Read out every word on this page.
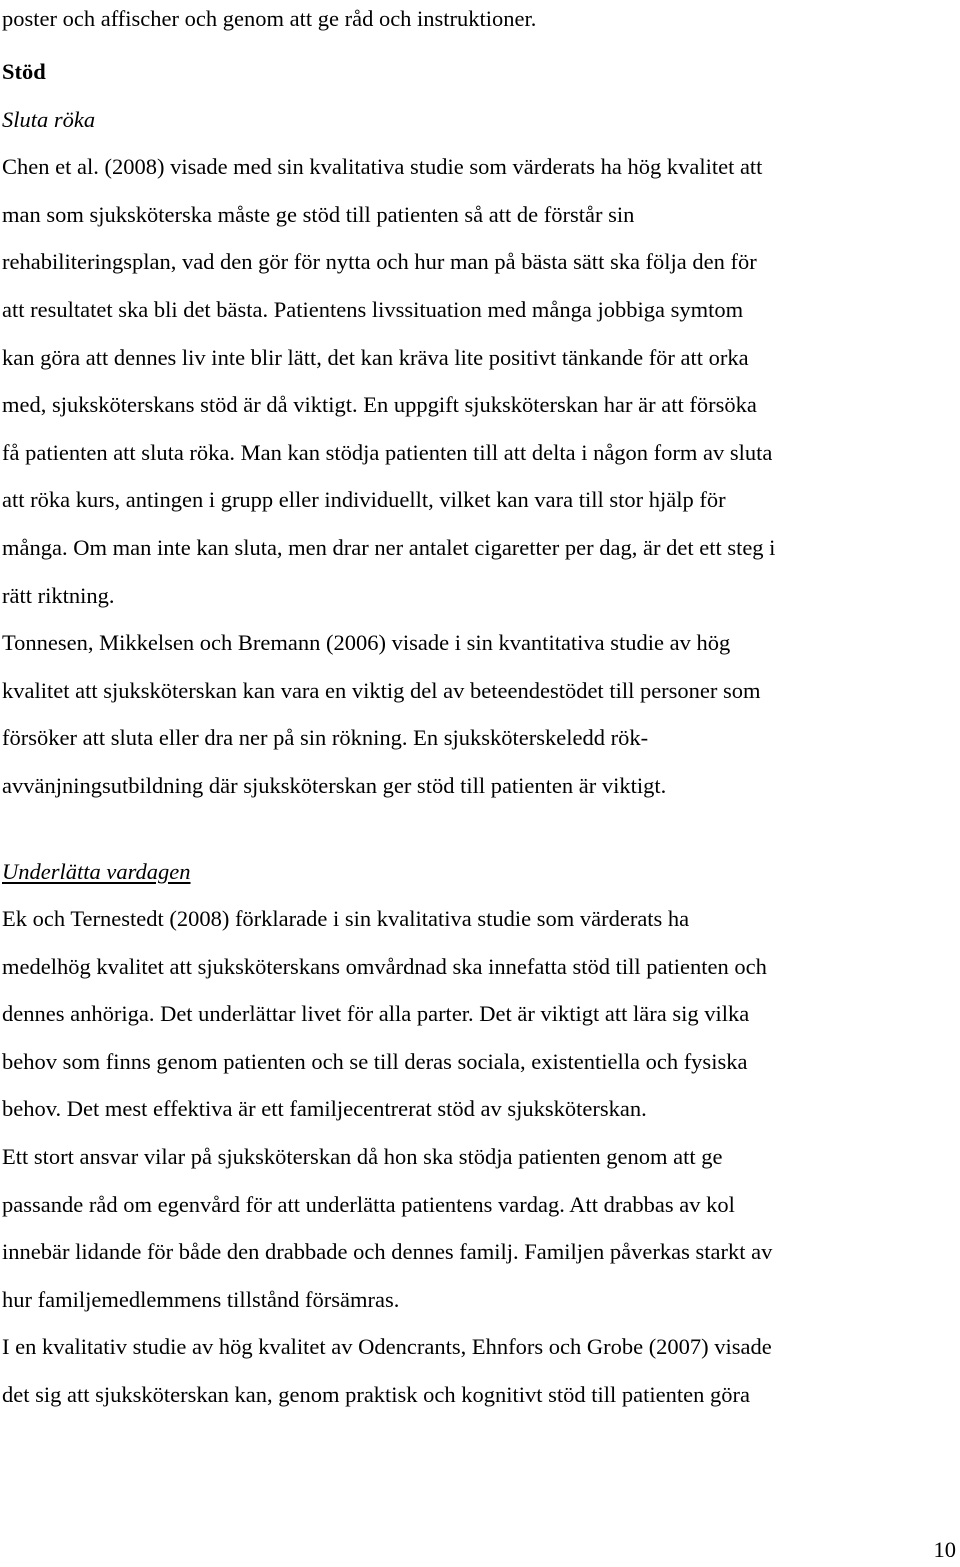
poster och affischer och genom att ge råd och instruktioner.

Stöd

Sluta röka

Chen et al. (2008) visade med sin kvalitativa studie som värderats ha hög kvalitet att

man som sjuksköterska måste ge stöd till patienten så att de förstår sin

rehabiliteringsplan, vad den gör för nytta och hur man på bästa sätt ska följa den för

att resultatet ska bli det bästa. Patientens livssituation med många jobbiga symtom

kan göra att dennes liv inte blir lätt, det kan kräva lite positivt tänkande för att orka

med, sjuksköterskans stöd är då viktigt. En uppgift sjuksköterskan har är att försöka

få patienten att sluta röka. Man kan stödja patienten till att delta i någon form av sluta

att röka kurs, antingen i grupp eller individuellt, vilket kan vara till stor hjälp för

många. Om man inte kan sluta, men drar ner antalet cigaretter per dag, är det ett steg i

rätt riktning.

Tonnesen, Mikkelsen och Bremann (2006) visade i sin kvantitativa studie av hög

kvalitet att sjuksköterskan kan vara en viktig del av beteendestödet till personer som

försöker att sluta eller dra ner på sin rökning. En sjuksköterskeledd rök-

avvänjningsutbildning där sjuksköterskan ger stöd till patienten är viktigt.

Underlätta vardagen

Ek och Ternestedt (2008) förklarade i sin kvalitativa studie som värderats ha

medelhög kvalitet att sjuksköterskans omvårdnad ska innefatta stöd till patienten och

dennes anhöriga. Det underlättar livet för alla parter. Det är viktigt att lära sig vilka

behov som finns genom patienten och se till deras sociala, existentiella och fysiska

behov. Det mest effektiva är ett familjecentrerat stöd av sjuksköterskan.

Ett stort ansvar vilar på sjuksköterskan då hon ska stödja patienten genom att ge

passande råd om egenvård för att underlätta patientens vardag. Att drabbas av kol

innebär lidande för både den drabbade och dennes familj. Familjen påverkas starkt av

hur familjemedlemmens tillstånd försämras.

I en kvalitativ studie av hög kvalitet av Odencrants, Ehnfors och Grobe (2007) visade

det sig att sjuksköterskan kan, genom praktisk och kognitivt stöd till patienten göra

10
